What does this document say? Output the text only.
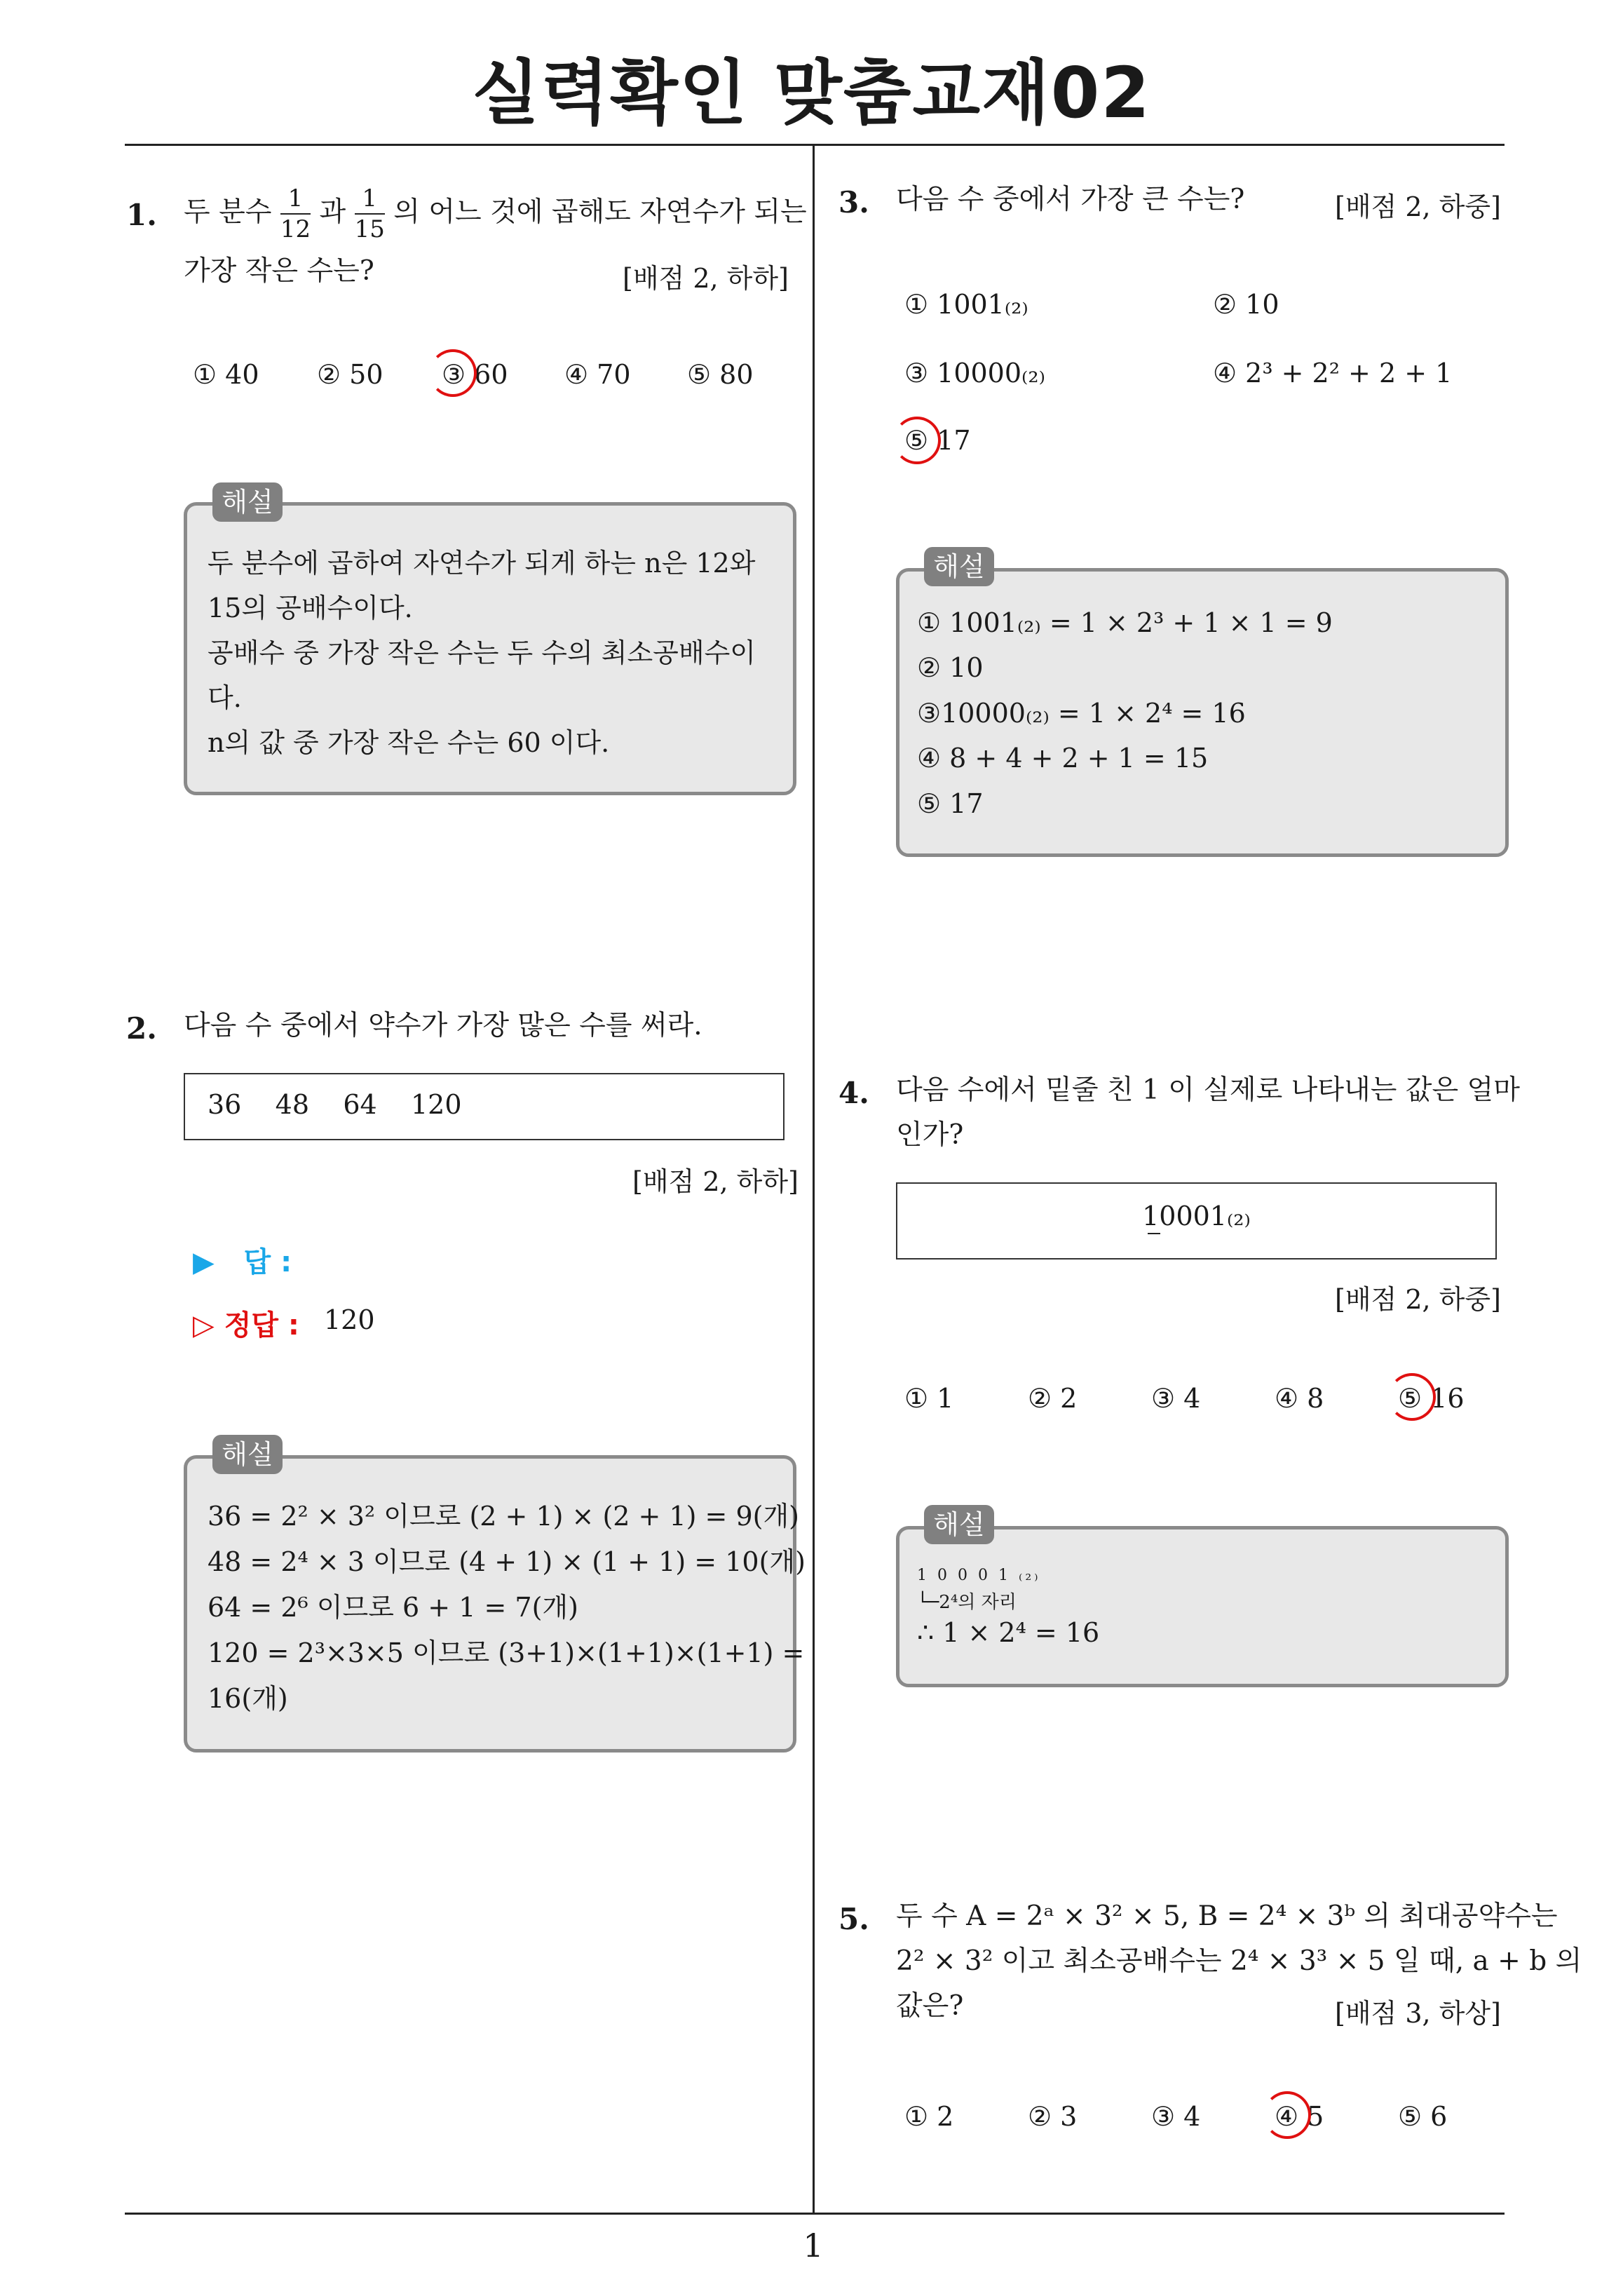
실력확인 맞춤교재02
1
1. 두 분수 $\frac{1}{12}$ 과 $\frac{1}{15}$ 의 어느 것에 곱해도 자연수가 되는
가장 작은 수는?	[배점 2, 하하]
① 40 ② 50 ③ 60 ④ 70 ⑤ 80
해설
두 분수에 곱하여 자연수가 되게 하는 n은 12와
15의 공배수이다.
공배수 중 가장 작은 수는 두 수의 최소공배수이
다.
n의 값 중 가장 작은 수는 60 이다.
2. 다음 수 중에서 약수가 가장 많은 수를 써라.
36    48    64    120
[배점 2, 하하]
▶   답 :
▷ 정답 : 120
해설
36 = 2² × 3² 이므로 (2 + 1) × (2 + 1) = 9(개)
48 = 2⁴ × 3 이므로 (4 + 1) × (1 + 1) = 10(개)
64 = 2⁶ 이므로 6 + 1 = 7(개)
120 = 2³×3×5 이므로 (3+1)×(1+1)×(1+1) =
16(개)
3. 다음 수 중에서 가장 큰 수는?	[배점 2, 하중]
① 1001₍₂₎	② 10
③ 10000₍₂₎	④ 2³ + 2² + 2 + 1
⑤ 17
해설
① 1001₍₂₎ = 1 × 2³ + 1 × 1 = 9
② 10
③10000₍₂₎ = 1 × 2⁴ = 16
④ 8 + 4 + 2 + 1 = 15
⑤ 17
4. 다음 수에서 밑줄 친 1 이 실제로 나타내는 값은 얼마
인가?
10001₍₂₎
[배점 2, 하중]
① 1	② 2	③ 4	④ 8	⑤ 16
해설
1 0 0 0 1 ₍₂₎
└─2⁴의 자리
∴ 1 × 2⁴ = 16
5. 두 수 A = 2ᵃ × 3² × 5, B = 2⁴ × 3ᵇ 의 최대공약수는
2² × 3² 이고 최소공배수는 2⁴ × 3³ × 5 일 때, a + b 의
값은?	[배점 3, 하상]
① 2	② 3	③ 4	④ 5	⑤ 6
